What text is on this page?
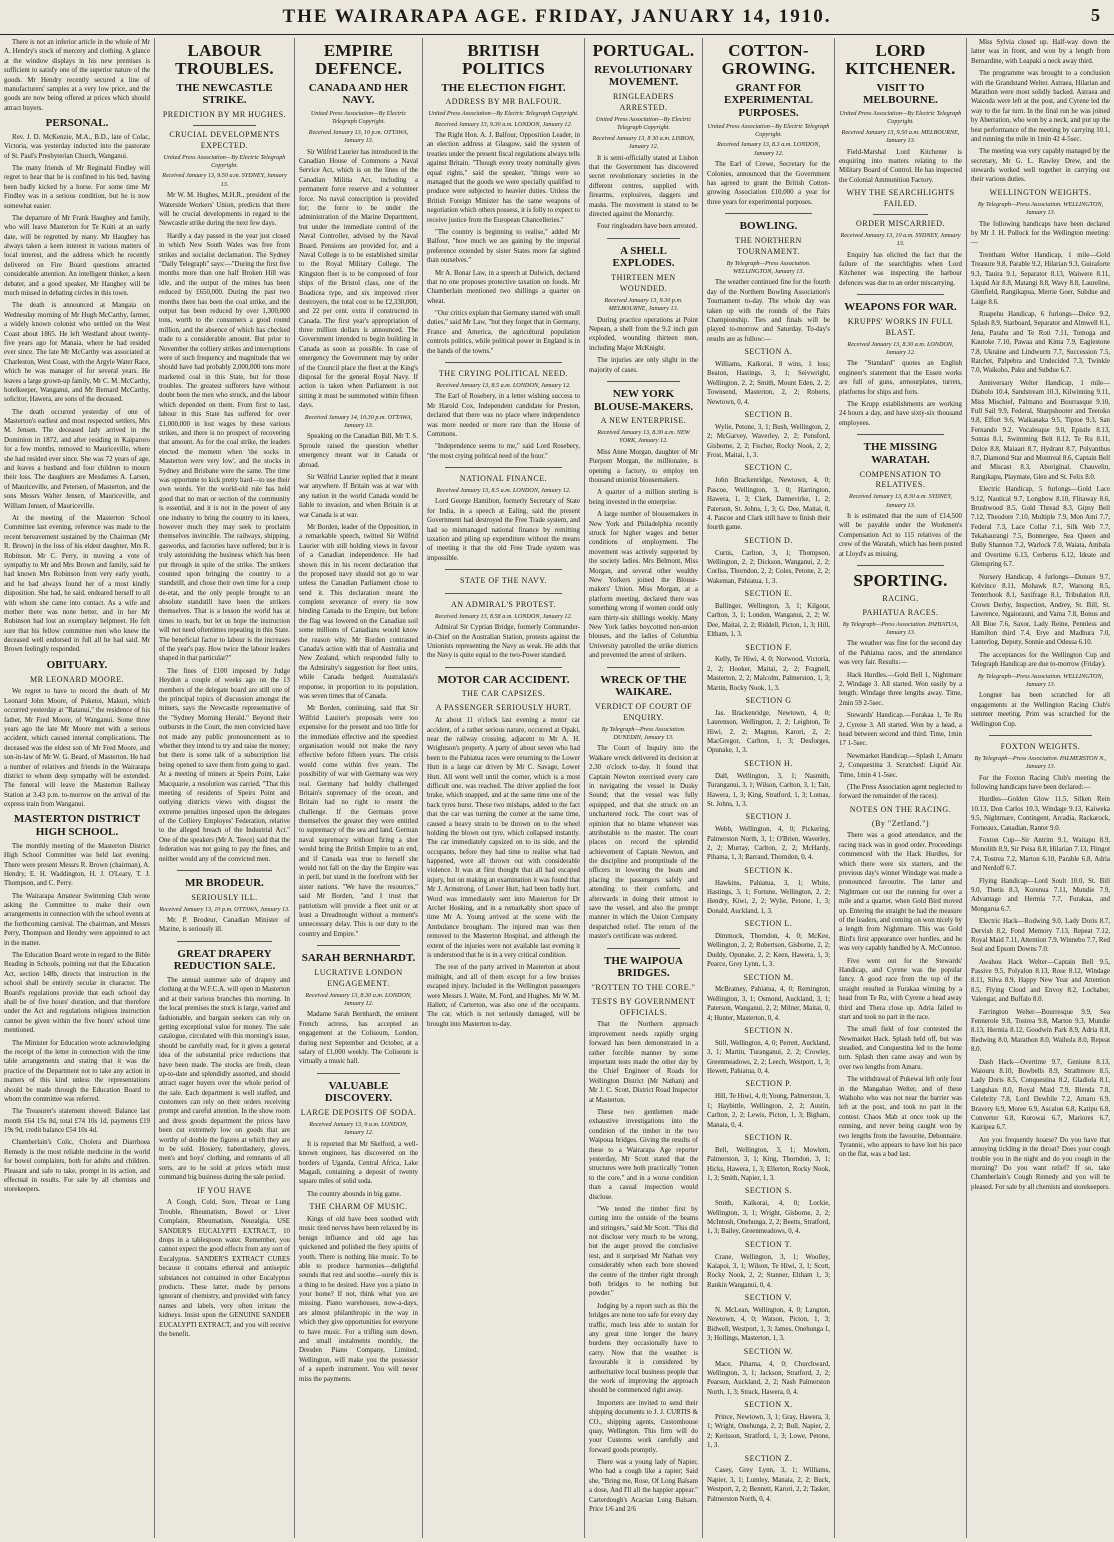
THE WAIRARAPA AGE. FRIDAY, JANUARY 14, 1910.	5

There is not an inferior article in the whole of Mr A. Hendry's stock of mercery and clothing. A glance at the window displays in his new premises is sufficient to satisfy one of the superior nature of the goods. Mr Hendry recently secured a line of manufacturers' samples at a very low price, and the goods are now being offered at prices which should attract buyers.

PERSONAL.

Rev. J. D. McKenzie, M.A., B.D., late of Colac, Victoria, was yesterday inducted into the pastorate of St. Paul's Presbyterian Church, Wanganui.

The many friends of Mr Reginald Findley will regret to hear that he is confined to his bed, having been badly kicked by a horse. For some time Mr Findley was in a serious condition, but he is now somewhat easier.

The departure of Mr Frank Haughey and family, who will leave Masterton for Te Kuiti at an early date, will be regretted by many. Mr Haughey has always taken a keen interest in various matters of local interest, and the address which he recently delivered on Fire Board questions attracted considerable attention. An intelligent thinker, a keen debater, and a good speaker, Mr Haughey will be much missed in debating circles in this town.

The death is announced at Mangaia on Wednesday morning of Mr Hugh McCarthy, farmer, a widely known colonist who settled on the West Coast about 1865. He left Westland about twenty-five years ago for Manaia, where he had resided ever since. The late Mr McCarthy was associated at Charleston, West Coast, with the Argyle Water Race, which he was manager of for several years. He leaves a large grown-up family, Mr C. M. McCarthy, hotelkeeper, Wanganui, and Mr Bernard McCarthy, solicitor, Hawera, are sons of the deceased.

The death occurred yesterday of one of Masterton's earliest and most respected settlers, Mrs M. Jensen. The deceased lady arrived in the Dominion in 1872, and after residing in Kaiparoro for a few months, removed to Mauriceville, where she had resided ever since. She was 72 years of age, and leaves a husband and four children to mourn their loss. The daughters are Mesdames A. Larsen, of Mauriceville, and Petersen, of Masterton, and the sons Messrs Walter Jensen, of Mauriceville, and William Jensen, of Mauriceville.

At the meeting of the Masterton School Committee last evening, reference was made to the recent bereavement sustained by the Chairman (Mr R. Brown) in the loss of his eldest daughter, Mrs R. Robinson. Mr C. Perry, in moving a vote of sympathy to Mr and Mrs Brown and family, said he had known Mrs Robinson from very early youth, and he had always found her of a most kindly disposition. She had, he said, endeared herself to all with whom she came into contact. As a wife and mother there was none better, and in her Mr Robinson had lost an exemplary helpmeet. He felt sure that his fellow committee men who knew the deceased well endorsed in full all he had said. Mr Brown feelingly responded.

OBITUARY.
MR LEONARD MOORE.

We regret to have to record the death of Mr Leonard John Moore, of Puketoi, Makuri, which occurred yesterday at "Ratanui," the residence of his father, Mr Fred Moore, of Wanganui. Some three years ago the late Mr Moore met with a serious accident, which caused internal complications. The deceased was the eldest son of Mr Fred Moore, and son-in-law of Mr W. G. Beard, of Masterton. He had a number of relatives and friends in the Wairarapa district to whom deep sympathy will be extended. The funeral will leave the Masterton Railway Station at 3.43 p.m. to-morrow on the arrival of the express train from Wanganui.

MASTERTON DISTRICT HIGH SCHOOL.

The monthly meeting of the Masterton District High School Committee was held last evening. There were present Messrs R. Brown (chairman), A. Hendry, E. H. Waddington, H. J. O'Leary, T. J. Thompson, and C. Perry.

The Wairarapa Amateur Swimming Club wrote asking the Committee to make their own arrangements in connection with the school events at the forthcoming carnival. The chairman, and Messrs Perry, Thompson and Hendry were appointed to act in the matter.

The Education Board wrote in regard to the Bible Reading in Schools, pointing out that the Education Act, section 148b, directs that instruction in the school shall be entirely secular in character. The Board's regulations provide that each school day shall be of five hours' duration, and that therefore under the Act and regulations religious instruction cannot be given within the five hours' school time mentioned.

The Minister for Education wrote acknowledging the receipt of the letter in connection with the time table arrangements and stating that it was the practice of the Department not to take any action in matters of this kind unless the representations should be made through the Education Board to whom the committee was referred.

The Treasurer's statement showed: Balance last month £64 15s 8d, total £74 10s 1d, payments £19 19s 9d, credit balance £54 10s 4d.

Chamberlain's Colic, Cholera and Diarrhoea Remedy is the most reliable medicine in the world for bowel complaints, both for adults and children. Pleasant and safe to take, prompt in its action, and effectual in results. For sale by all chemists and storekeepers.

LABOUR TROUBLES.
THE NEWCASTLE STRIKE.
PREDICTION BY MR HUGHES.
CRUCIAL DEVELOPMENTS EXPECTED.
United Press Association—By Electric Telegraph Copyright.
Received January 13, 9.50 a.m. SYDNEY, January 13.

Mr W. M. Hughes, M.H.R., president of the Waterside Workers' Union, predicts that there will be crucial developments in regard to the Newcastle strike during the next few days.

Hardly a day passed in the year just closed in which New South Wales was free from strikes and socialist declamation. The Sydney "Daily Telegraph" says:—"During the first five months more than one half Broken Hill was idle, and the output of the mines has been reduced by £650,000. During the past two months there has been the coal strike, and the output has been reduced by over 1,300,000 tons, worth to the consumers a good round million, and the absence of which has checked trade to a considerable amount. But prior to November the colliery strikes and interruptions were of such frequency and magnitude that we should have had probably 2,000,000 tons more marketed coal in this State, but for those troubles. The greatest sufferers have without doubt been the men who struck, and the labour which depended on them. From first to last, labour in this State has suffered for over £1,000,000 in lost wages by these various strikes, and there is no prospect of recovering that amount. As for the coal strike, the leaders elected the moment when 'the socks in Masterton were very low', and the stocks in Sydney and Brisbane were the same. The time was opportune to kick pretty hard—to use their own words. Yet the world-old rule has held good that no man or section of the community is essential, and it is not in the power of any one industry to bring the country to its knees, however much they may seek to proclaim themselves invincible. The railways, shipping, gasworks, and factories have suffered; but it is truly astonishing the business which has been put through in spite of the strike. The strikers counted upon bringing the country to a standstill, and chose their own time for a coup de-etat, and the only people brought to an absolute standstill have been the strikers themselves. That is a lesson the world has at times to teach, but let us hope the instruction will not need oftentimes repeating in this State. The beneficial factor to labour is the increases of the year's pay. How twice the labour leaders shaped in that particular?"

The fines of £100 imposed by Judge Heydon a couple of weeks ago on the 13 members of the delegate board are still one of the principal topics of discussion amongst the miners, says the Newcastle representative of the "Sydney Morning Herald." Beyond their outbursts in the Court, the men convicted have not made any public pronouncement as to whether they intend to try and raise the money; but there is some talk of a subscription list being opened to save them from going to gaol. At a meeting of miners at Speirs Point, Lake Macquarie, a resolution was carried, "That this meeting of residents of Speirs Point and outlying districts views with disgust the extreme penalties imposed upon the delegates of the Colliery Employes' Federation, relative to the alleged breach of the Industrial Act." One of the speakers (Mr A. Teece) said that the federation was not going to pay the fines, and neither would any of the convicted men.

MR BRODEUR.
SERIOUSLY ILL.
Received January 13, 10 p.m. OTTAWA, January 13.

Mr. P. Brodeur, Canadian Minister of Marine, is seriously ill.

GREAT DRAPERY REDUCTION SALE.

The annual summer sale of drapery and clothing at the W.F.C.A. will open in Masterton and at their various branches this morning. In the local premises the stock is large, varied and fashionable, and bargain seekers can rely on getting exceptional value for money. The sale catalogue, circulated with this morning's issue, should be carefully read, for it gives a general idea of the substantial price reductions that have been made. The stocks are fresh, clean up-to-date and splendidly assorted, and should attract eager buyers over the whole period of the sale. Each department is well staffed, and customers can rely on their orders receiving prompt and careful attention. In the show room and dress goods department the prices have been cut extremely low on goods that are worthy of double the figures at which they are to be sold. Hosiery, haberdashery, gloves, men's and boys' clothing, and remnants of all sorts, are to be sold at prices which must command big business during the sale period.

IF YOU HAVE

A Cough, Cold, Sore, Throat or Lung Trouble, Rheumatism, Bowel or Liver Complaint, Rheumatism, Neuralgia, USE SANDER'S EUCALYPTI EXTRACT, 10 drops in a tablespoon water. Remember, you cannot expect the good effects from any sort of Eucalyptus. SANDER'S EXTRACT CURES because it contains ethereal and antiseptic substances not contained in other Eucalyptus products. These latter, made by persons ignorant of chemistry, and provided with fancy names and labels, very often irritate the kidneys. Insist upon the GENUINE SANDER EUCALYPTI EXTRACT, and you will receive the benefit.

EMPIRE DEFENCE.
CANADA AND HER NAVY.
United Press Association—By Electric Telegraph Copyright.
Received January 13, 10 p.m. OTTAWA, January 13.

Sir Wilfrid Laurier has introduced in the Canadian House of Commons a Naval Service Act, which is on the lines of the Canadian Militia Act, including a permanent force reserve and a volunteer force. No naval conscription is provided for; the force to be under the administration of the Marine Department, but under the immediate control of the Naval Controller, advised by the Naval Board. Pensions are provided for, and a Naval College is to be established similar to the Royal Military College. The Kingston fleet is to be composed of four ships of the Bristol class, one of the Boadicea type, and six improved river destroyers, the total cost to be £2,330,000, and 22 per cent. extra if constructed in Canada. The first year's appropriation of three million dollars is announced. The Government intended to begin building in Canada as soon as possible. In case of emergency the Government may by order of the Council place the fleet at the King's disposal for the general Royal Navy. If action is taken when Parliament is not sitting it must be summoned within fifteen days.

Received January 14, 10.30 p.m. OTTAWA, January 13.

Speaking on the Canadian Bill, Mr T. S. Sproule raised the question whether emergency meant war in Canada or abroad.

Sir Wilfrid Laurier replied that it meant war anywhere. If Britain was at war with any nation in the world Canada would be liable to invasion, and when Britain is at war Canada is at war.

Mr Borden, leader of the Opposition, in a remarkable speech, twitted Sir Wilfrid Laurier with still holding views in favour of a Canadian independence. He had shown this in his recent declaration that the proposed navy should not go to war unless the Canadian Parliament chose to send it. This declaration meant the complete severance of every tie now binding Canada to the Empire, but before the flag was lowered on the Canadian soil some millions of Canadians would know the reason why. Mr Borden contrasted Canada's action with that of Australia and New Zealand, which responded fully to the Admiralty's suggestion for fleet units, while Canada hedged. Australasia's response, in proportion to its population, was seven times that of Canada.

Mr Borden, continuing, said that Sir Wilfrid Laurier's proposals were too expensive for the present and too little for the immediate effective and the speediest organisation would not make the navy effective before fifteen years. The crisis would come within five years. The possibility of war with Germany was very real. Germany had boldly challenged Britain's supremacy of the ocean, and Britain had no right to resent the challenge. If the Germans prove themselves the greater they were entitled to supremacy of the sea and land. German naval supremacy without firing a shot would bring the British Empire to an end, and if Canada was true to herself she would not fall on the day the Empire was in peril, but stand in the forefront with her sister nations. "We have the resources," said Mr Borden, "and I trust that patriotism will provide a fleet unit or at least a Dreadnought without a moment's unnecessary delay. This is our duty to the country and Empire."

SARAH BERNHARDT.
LUCRATIVE LONDON ENGAGEMENT.
Received January 13, 8.30 a.m. LONDON, January 12.

Madame Sarah Bernhardt, the eminent French actress, has accepted an engagement at the Coliseum, London, during next September and October, at a salary of £1,000 weekly. The Coliseum is virtually a music hall.

VALUABLE DISCOVERY.
LARGE DEPOSITS OF SODA.
Received January 13, 9 a.m. LONDON, January 12.

It is reported that Mr Skelford, a well-known engineer, has discovered on the borders of Uganda, Central Africa, Lake Magadi, containing a deposit of twenty square miles of solid soda.

The country abounds in big game.

THE CHARM OF MUSIC.

Kings of old have been soothed with music tired nerves have been relaxed by its benign influence and old age has quickened and polished the fiery spirits of youth. There is nothing like music. To be able to produce harmonies—delightful sounds that rest and soothe—surely this is a thing to be desired. Have you a piano in your home? If not, think what you are missing. Piano warehouses, now-a-days, are almost philanthropic in the way in which they give opportunities for everyone to have music. For a trifling sum down, and small instalments monthly, the Dresden Piano Company, Limited, Wellington, will make you the possessor of a superb instrument. You will never miss the payments.

BRITISH POLITICS
THE ELECTION FIGHT.
ADDRESS BY MR BALFOUR.
United Press Association—By Electric Telegraph Copyright.
Received January 13, 9.30 a.m. LONDON, January 12.

The Right Hon. A. J. Balfour, Opposition Leader, in an election address at Glasgow, said the system of treaties under the present fiscal regulations always tells against Britain. "Though every treaty nominally gives equal rights," said the speaker, "things were so managed that the goods we were specially qualified to produce were subjected to heavier duties. Unless the British Foreign Minister has the same weapons of negotiation which others possess, it is folly to expect to receive justice from the European Chancelleries."

"The country is beginning to realise," added Mr Balfour, "how much we are gaining by the imperial preference extended by sister States more far sighted than ourselves."

Mr A. Bonar Law, in a speech at Dulwich, declared that no one proposes protective taxation on foods. Mr Chamberlain mentioned two shillings a quarter on wheat.

"Our critics explain that Germany started with small duties," said Mr Law, "but they forget that in Germany, France and America, the agricultural population controls politics, while political power in England is in the hands of the towns."

THE CRYING POLITICAL NEED.
Received January 13, 8.5 a.m. LONDON, January 12.

The Earl of Rosebery, in a letter wishing success to Mr Harold Cox, Independent candidate for Preston, declared that there was no place where independence was more needed or more rare than the House of Commons.

"Independence seems to me," said Lord Rosebery, "the most crying political need of the hour."

NATIONAL FINANCE.
Received January 13, 8.5 a.m. LONDON, January 12.

Lord George Hamilton, formerly Secretary of State for India, in a speech at Ealing, said the present Government had destroyed the Free Trade system, and had so mismanaged national finance by remitting taxation and piling up expenditure without the means of meeting it that the old Free Trade system was impossible.

STATE OF THE NAVY.
AN ADMIRAL'S PROTEST.
Received January 13, 8.58 a.m. LONDON, January 12.

Admiral Sir Cyprian Bridge, formerly Commander-in-Chief on the Australian Station, protests against the Unionists representing the Navy as weak. He adds that the Navy is quite equal to the two-Power standard.

MOTOR CAR ACCIDENT.
THE CAR CAPSIZES.
A PASSENGER SERIOUSLY HURT.

At about 11 o'clock last evening a motor car accident, of a rather serious nature, occurred at Opaki, near the railway crossing, adjacent to Mr A. H. Wrightson's property. A party of about seven who had been to the Pahiatua races were returning to the Lower Hutt in a large car driven by Mr C. Savage, Lower Hutt. All went well until the corner, which is a most difficult one, was reached. The driver applied the foot brake, which snapped, and at the same time one of the back tyres burst. These two mishaps, added to the fact that the car was turning the corner at the same time, caused a heavy strain to be thrown on to the wheel holding the blown out tyre, which collapsed instantly. The car immediately capsized on to its side, and the occupants, before they had time to realise what had happened, were all thrown out with considerable violence. It was at first thought that all had escaped injury, but on making an examination it was found that Mr J. Armstrong, of Lower Hutt, had been badly hurt. Word was immediately sent into Masterton for Dr Archer Hosking, and in a remarkably short space of time Mr A. Young arrived at the scene with the Ambulance brougham. The injured man was then removed to the Masterton Hospital, and although the extent of the injuries were not available last evening it is understood that he is in a very critical condition.

The rest of the party arrived in Masterton at about midnight, and all of them except for a few bruises escaped injury. Included in the Wellington passengers were Messrs J. Waite, M. Ford, and Hughes. Mr W. M. Hallett, of Carterton, was also one of the occupants. The car, which is not seriously damaged, will be brought into Masterton to-day.

PORTUGAL.
REVOLUTIONARY MOVEMENT.
RINGLEADERS ARRESTED.
United Press Association—By Electric Telegraph Copyright.
Received January 13, 8 30 a.m. LISBON, January 12.

It is semi-officially stated at Lisbon that the Government has discovered secret revolutionary societies in the different centres, supplied with firearms, explosives, daggers and masks. The movement is stated to be directed against the Monarchy.

Four ringleaders have been arrested.

A SHELL EXPLODES.
THIRTEEN MEN WOUNDED.
Received January 13, 9.30 p.m. MELBOURNE, January 13.

During practice operations at Point Nepean, a shell from the 9.2 inch gun exploded, wounding thirteen men, including Major McKnight.

The injuries are only slight in the majority of cases.

NEW YORK BLOUSE-MAKERS.
A NEW ENTERPRISE.
Received January 13, 8.30 a.m. NEW YORK, January 12.

Miss Anne Morgan, daughter of Mr Pierpont Morgan, the millionaire, is opening a factory, to employ ten thousand unionist blousemakers.

A quarter of a million sterling is being invested in the enterprise.

A large number of blousemakers in New York and Philadelphia recently struck for higher wages and better conditions of employment. The movement was actively supported by the society ladies. Mrs Belmont, Miss Morgan, and several other wealthy New Yorkers joined the Blouse-makers' Union. Miss Morgan, at a platform meeting, declared there was something wrong if women could only earn thirty-six shillings weekly. Many New York ladies boycotted non-union blouses, and the ladies of Columbia University patrolled the strike districts and prevented the arrest of strikers.

WRECK OF THE WAIKARE.
VERDICT OF COURT OF ENQUIRY.
By Telegraph—Press Association. DUNEDIN, January 13.

The Court of Inquiry into the Waikare wreck delivered its decision at 2.30 o'clock to-day. It found that Captain Newton exercised every care in navigating the vessel in Dusky Sound; that the vessel was fully equipped, and that she struck on an unchartered rock. The court was of opinion that no blame whatever was attributable to the master. The court places on record the splendid achievement of Captain Newton, and the discipline and promptitude of the officers in lowering the boats and placing the passengers safely and attending to their comforts, and afterwards in doing their utmost to save the vessel, and also the prompt manner in which the Union Company despatched relief. The return of the master's certificate was ordered.

THE WAIPOUA BRIDGES.
"ROTTEN TO THE CORE."
TESTS BY GOVERNMENT OFFICIALS.

That the Northern approach improvement needs rapidly urging forward has been demonstrated in a rather forcible manner by some important tests made the other day by the Chief Engineer of Roads for Wellington District (Mr Nathan) and Mr J. C. Scott, District Road Inspector at Masterton.

These two gentlemen made exhaustive investigations into the condition of the timber in the two Waipoua bridges. Giving the results of these to a Wairarapa Age reporter yesterday, Mr Scott stated that the structures were both practically "rotten to the core," and in a worse condition than a casual inspection would disclose.

"We tested the timber first by cutting into the outside of the beams and stringers," said Mr Scott. "This did not disclose very much to be wrong, but the auger proved the conclusive test, and it surprised Mr Nathan very considerably when each bore showed the centre of the timber right through both bridges to be nothing but powder."

Judging by a report such as this the bridges are none too safe for every day traffic, much less able to sustain for any great time longer the heavy burdens they occasionally have to carry. Now that the weather is favourable it is considered by authoritative local business people that the work of improving the approach should be commenced right away.

Importers are invited to send their shipping documents to J. J. CURTIS & CO., shipping agents, Customhouse quay, Wellington. This firm will do your Customs work carefully and forward goods promptly.

There was a young lady of Napier, Who had a cough like a rapier; Said she, "Bring me, Rose, Of Long Balsam a dose, And I'll all the happier appear." Carterdough's Acacian Lung Balsam. Price 1/6 and 2/6

COTTON-GROWING.
GRANT FOR EXPERIMENTAL PURPOSES.
United Press Association—By Electric Telegraph Copyright.
Received January 13, 8.3 a.m. LONDON, January 12.

The Earl of Crewe, Secretary for the Colonies, announced that the Government has agreed to grant the British Cotton-growing Association £10,000 a year for three years for experimental purposes.

BOWLING.
THE NORTHERN TOURNAMENT.
By Telegraph—Press Association. WELLINGTON, January 13.

The weather continued fine for the fourth day of the Northern Bowling Association's Tournament to-day. The whole day was taken up with the rounds of the Pairs Championship. Ties and finals will be played to-morrow and Saturday. To-day's results are as follow:—

SECTION A.

Williams, Kaikorai, 8 wins, 1 loss; Beaton, Hastings, 3, 1; Seivwright, Wellington, 2, 2; Smith, Mount Eden, 2, 2; Townsend, Masterton, 2, 2; Roberts, Newtown, 0, 4.

SECTION B.

Wylie, Petone, 3, 1; Bush, Wellington, 2, 2; McGarvey, Waverley, 2, 2; Ponsford, Gisborne, 2, 2; Fischer, Rocky Nook, 2, 2; Frost, Maitai, 1, 3.

SECTION C.

John Brackenridge, Newtown, 4, 0; Pascoe, Wellington, 3, 0; Harrington, Hawera, 1, 3; Clark, Dannevirke, 1, 2; Paterson, St. Johns, 1, 3; G. Dee, Maitai, 0, 4. Pascoe and Clark still have to finish their fourth game.

SECTION D.

Curtis, Carlton, 3, 1; Thompson, Wellington, 2, 2; Dickson, Wanganui, 2, 2; Corliss, Thorndon, 2, 2; Coles, Petone, 2, 2; Wakeman, Pahiatua, 1, 3.

SECTION E.

Ballinger, Wellington, 3, 1; Kilgour, Carlton, 3, 1; London, Wanganui, 2, 2; W. Dee, Maitai, 2, 2; Riddell, Picton, 1, 3; Hill, Eltham, 1, 3.

SECTION F.

Kelly, Te Hiwi, 4, 0; Norwood, Victoria, 2, 2; Hooker, Maitai, 2, 2; Fragnell, Masterton, 2, 2; Malcolm, Palmerston, 1, 3; Martin, Rocky Nook, 1, 3.

SECTION G

Jas. Brackenridge, Newtown, 4, 0; Laurenson, Wellington, 2, 2; Leighton, Te Hiwi, 2, 2; Magnus, Karori, 2, 2; MacGregor, Carlton, 1, 3; Desforges, Opunake, 1, 3.

SECTION H.

Dall, Wellington, 3, 1; Nasmith, Turanganui, 3, 1; Wilson, Carlton, 3, 1; Tait, Hawera, 1, 3; King, Stratford, 1, 3; Lomas, St. Johns, 1, 3.

SECTION J.

Webb, Wellington, 4, 0; Pickering, Palmerston North, 3, 1; O'Brien, Waverley, 2, 2; Murray, Carlton, 2, 2; McHardy, Pihama, 1, 3; Barraud, Thorndon, 0, 4.

SECTION K.

Hawkins, Pahiatua, 3, 1; White, Hastings, 3, 1; Fortune, Wellington, 2, 2; Hendry, Kiwi, 2, 2; Wylie, Petone, 1, 3; Donald, Auckland, 1, 3.

SECTION L.

Dimmock, Thorndon, 4, 0; McKee, Wellington, 2, 2; Robertson, Gisborne, 2, 2; Duddy, Opunake, 2, 2; Keen, Hawera, 1, 3; Pearce, Grey Lynn, 1, 3.

SECTION M.

McBratney, Pahiatua, 4, 0; Remington, Wellington, 3, 1; Osmond, Auckland, 3, 1; Paterson, Wanganui, 2, 2; Milner, Maitai, 0, 4; Hunter, Masterton, 0, 4.

SECTION N.

Still, Wellington, 4, 0; Perrett, Auckland, 3, 1; Martin, Turanganui, 2, 2; Crowley, Greenmeadows, 2, 2; Leech, Westport, 1, 3; Hewett, Pahiatua, 0, 4.

SECTION P.

Hill, Te Hiwi, 4, 0; Young, Palmerston, 3, 1; Haybittle, Wellington, 2, 2; Austin, Carlton, 2, 2; Lewis, Picton, 1, 3; Bigham, Manaia, 0, 4.

SECTION R.

Bell, Wellington, 3, 1; Mowlem, Palmerston, 3, 1; King, Thorndon, 3, 1; Hicks, Hawera, 1, 3; Ellerton, Rocky Nook, 1, 3; Smith, Napier, 1, 3.

SECTION S.

Smith, Kaikorai, 4, 0; Lockie, Wellington, 3, 1; Wright, Gisborne, 2, 2; McIntosh, Onehunga, 2, 2; Beetts, Stratford, 1, 3; Bailey, Greenmeadows, 0, 4.

SECTION T.

Crane, Wellington, 3, 1; Woolley, Kaiapoi, 3, 1; Wilson, Te Hiwi, 3, 1; Scott, Rocky Nook, 2, 2; Stanner, Eltham 1, 3; Rankin Wanganui, 0, 4.

SECTION V.

N. McLean, Wellington, 4, 0; Langton, Newtown, 4, 0; Watson, Picton, 1, 3; Bidwell, Westport, 1, 3; James, Onehunga 1, 3; Hollings, Masterton, 1, 3.

SECTION W.

Mace, Pihama, 4, 0; Churchward, Wellington, 3, 1; Jackson, Stratford, 2, 2; Pearson, Auckland, 2, 2; Nash Palmerston North, 1, 3; Strack, Hawera, 0, 4.

SECTION X.

Prince, Newtown, 3, 1; Gray, Hawera, 3, 1; Wright, Onehunga, 2, 2; Bull, Napier, 2, 2; Kerisson, Stratford, 1, 3; Lowe, Petone, 1, 3.

SECTION Z.

Casey, Grey Lynn, 3, 1; Williams, Napier, 3, 1; Lumley, Manaia, 2, 2; Buck, Westport, 2, 2; Bennett, Karori, 2, 2; Tasker, Palmerston North, 0, 4.

LORD KITCHENER.
VISIT TO MELBOURNE.
United Press Association—By Electric Telegraph Copyright.
Received January 13, 9.50 a.m. MELBOURNE, January 13.

Field-Marshal Lord Kitchener is enquiring into matters relating to the Military Board of Control. He has inspected the Colonial Ammunition Factory.

WHY THE SEARCHLIGHTS FAILED.
ORDER MISCARRIED.
Received January 13, 10 a.m. SYDNEY, January 13.

Enquiry has elicited the fact that the failure of the searchlights when Lord Kitchener was inspecting the harbour defences was due to an order miscarrying.

WEAPONS FOR WAR.
KRUPPS' WORKS IN FULL BLAST.
Received January 13, 8.30 a.m. LONDON, January 12.

The "Standard" quotes an English engineer's statement that the Essen works are full of guns, armourplates, turrets, platforms for ships and forts.

The Krupp establishments are working 24 hours a day, and have sixty-six thousand employees.

THE MISSING WARATAH.
COMPENSATION TO RELATIVES.
Received January 13, 8.30 a.m. SYDNEY, January 13.

It is estimated that the sum of £14,500 will be payable under the Workmen's Compensation Act to 115 relatives of the crew of the Waratah, which has been posted at Lloyd's as missing.

SPORTING.
RACING.
PAHIATUA RACES.
By Telegraph—Press Association. PAHIATUA, January 13.

The weather was fine for the second day of the Pahiatua races, and the attendance was very fair. Results:—

Hack Hurdles.—Gold Bell 1, Nightmare 2, Windage 3. All started. Won easily by a length. Windage three lengths away. Time, 2min 59 2-5sec.

Stewards' Handicap.—Furakaa 1, Te Ru 2, Cyrene 3. All started. Won by a head, a head between second and third. Time, 1min 17 1-5sec.

Newmarket Handicap.—Splash 1, Amaru 2, Conquestina 3. Scratched: Liquid Air. Time, 1min 4 1-5sec.

(The Press Association agent neglected to forward the remainder of the races).

NOTES ON THE RACING.
(By "Zetland.")

There was a good attendance, and the racing track was in good order. Proceedings commenced with the Hack Hurdles, for which there were six starters, and the previous day's winner Windage was made a pronounced favourite. The latter and Nightmare cut out the running for over a mile and a quarter, when Gold Bird moved up. Entering the straight he had the measure of the leaders, and coming on won nicely by a length from Nightmare. This was Gold Bird's first appearance over hurdles, and he was very capably handled by A. McConnoo.

Five went out for the Stewards' Handicap, and Cyrene was the popular fancy. A good race from the top of the straight resulted in Furakaa winning by a head from Te Ru, with Cyrene a head away third and Thera close up. Adria failed to start and took no part in the race.

The small field of four contested the Newmarket Hack. Splash held off, but was steadied, and Conquestina led to the home turn. Splash then came away and won by over two lengths from Amaru.

The withdrawal of Pukewai left only four in the Mangahao Welter, and of these Waihoho who was not near the barrier was left at the post, and took no part in the contest. Chaos Mab at once took up the running, and never being caught won by two lengths from the favourite, Debonnaire. Tyrannic, who appears to have lost his pace on the flat, was a bad last.

Miss Sylvia closed up. Half-way down the latter was in front, and won by a length from Bernardine, with Leapaki a neck away third.

The programme was brought to a conclusion with the Grandstand Welter. Astraea, Hilarian and Marathon were most solidly backed. Astraea and Waicoda were left at the post, and Cyrene led the way to the far turn. In the final run he was joined by Aberration, who won by a neck, and put up the best performance of the meeting by carrying 10.1, and running the mile in 1min 42 4-5sec.

The meeting was very capably managed by the secretary, Mr G. L. Rawley Drew, and the stewards worked well together in carrying out their various duties.

WELLINGTON WEIGHTS.
By Telegraph—Press Association. WELLINGTON, January 13.

The following handicaps have been declared by Mr J. H. Pollock for the Wellington meeting:—

Trentham Welter Handicap, 1 mile—Gold Treasure 9.8, Parable 9.2, Hilarian 9.3, Guiraforte 9.3, Tauira 9.1, Separator 8.13, Waiwere 8.11, Liquid Air 8.8, Matangi 8.8, Wavy 8.8, Laureline, Glenfield, Rangikapua, Merrie Goer, Subdue and Laige 8.6.

Ruapehu Handicap, 6 furlongs—Dolce 9.2, Splash 8.9, Starboard, Separator and Almwell 8.1, Jena, Parahu and Te Roti 7.11, Tomoga and Kautoke 7.10, Pawaa and Kinta 7.9, Eaglestone 7.8, Ukraine and Lindwurm 7.7, Succession 7.5, Ratchet, Palpebra and Undecided 7.3, Twinkle 7.0, Waikoho, Paku and Subdue 6.7.

Anniversary Welter Handicap, 1 mile—Diabolo 10.4, Sandstream 10.3, Kilwinning 9.11, Miss Mischief, Palmano and Bourrasque 9.10, Full Sail 9.9, Federal, Sharpshooter and Teetoko 9.8, Effort 9.6, Waikanaka 9.5, Tiptoe 9.3, San Fernando 9.2, Vocalesque 9.0, Epistle 8.13, Sontas 8.1, Swimming Belt 8.12, Te Ru 8.11, Dolce 8.8, Maiaari 8.7, Hydrant 8.7, Polyanthus 8.7, Diamond Star and Montreal 8.6, Captain Bell and Miscast 8.3, Aboriginal, Chauvelin, Rangikapu, Playmate, Glen and St. Felix 8.0.

Electric Handicap, 5 furlongs—Gold Lace 9.12, Nautical 9.7, Longbow 8.10, Flitaway 8.6, Brushwood 8.5, Gold Thread 8.3, Gipsy Bell 7.12, Theodore 7.10, Multiple 7.9, Mon Ami 7.7, Federal 7.3, Lace Collar 7.1, Silk Web 7.7, Tekahaurangi 7.5, Bonnergee, Sea Queen and Bully Shannon 7.2, Warlock 7.0, Waiata, Ambala and Overtime 6.13, Cerberus 6.12, Ideate and Glenspring 6.7.

Nursery Handicap, 4 furlongs—Dunure 9.7, Kelvince 8.11, Mohawk 8.7, Warsong 8.5, Tenterhook 8.1, Saxifrage 8.1, Tribulation 8.0, Crown Derby, Inspection, Andrey, St. Bill, St. Lawrence, Ngaiorauni, and Varna 7.8, Bonus and All Blue 7.6, Saxor, Lady Reine, Pennless and Hamilton third 7.4, Erye and Madhura 7.0, Lanterlog, Deputy, Sonnie and Odessa 6.10.

The acceptances for the Wellington Cup and Telegraph Handicap are due to-morrow (Friday).

By Telegraph—Press Association. WELLINGTON, January 13.

Longner has been scratched for all engagements at the Wellington Racing Club's summer meeting. Prim was scratched for the Wellington Cup.

FOXTON WEIGHTS.
By Telegraph—Press Association. PALMERSTON N., January 13.

For the Foxton Racing Club's meeting the following handicaps have been declared:—

Hurdles—Golden Glow 11.5, Silken Rein 10.13, Don Carlos 10.3, Windage 9.13, Kaiweka 9.5, Nightmare, Contingent, Arcadia, Rackarock, Forneaux, Canadian, Ranter 9.0.

Foxton Cup—Sir Antrim 9.1, Waitapu 8.9, Monolith 8.9, Sir Peisa 8.8, Hilarian 7.13, Flingot 7.4, Tostrea 7.2, Marton 6.10, Parable 6.8, Adria and Nerdoff 6.7.

Flying Handicap—Lord Soult 10.0, St. Bill 9.0, Thetis 8.3, Korenua 7.11, Mundie 7.9, Advantage and Hermia 7.7, Furakaa, and Mongaroa 6.7.

Electric Hack—Rodwing 9.0, Lady Doris 8.7, Dervish 8.2, Fond Memory 7.13, Repeat 7.12, Royal Maid 7.11, Attention 7.9, Winnebo 7.7, Red Seal and Epsom Downs 7.0.

Awahou Hack Welter—Captain Bell 9.5, Passive 9.5, Polyalon 8.13, Rose 8.12, Windage 8.11, Silva 8.9, Happy New Year and Attention 8.5, Flying Cloud and Envoy 8.2, Lochaber, Valengar, and Buffalo 8.0.

Farrington Welter—Bourresque 9.9, Sea Fennerole 9.8, Tostrea 9.8, Marton 9.3, Mundie 8.13, Hermia 8.12, Goodwin Park 8.9, Adria 8.8, Redwing 8.0, Marathon 8.0, Waihola 8.0, Repeat 8.0.

Dash Hack—Overtime 9.7, Geniune 8.13, Waiouru 8.10, Bowbells 8.9, Strathmore 8.5, Lady Doris 8.5, Conquestina 8.2, Gladiola 8.1, Langshan 8.0, Royal Maid 7.9, Blenda 7.8, Celebrity 7.8, Lord Dewhile 7.2, Amaru 6.9, Bravery 6.9, Moree 6.9, Ascalon 6.8, Katipu 6.8, Converter 6.8, Korowai 6.7, Mariores 6.7, Kairipea 6.7.

Are you frequently hoarse? Do you have that annoying tickling in the throat? Does your cough trouble you in the night and do you cough in the morning? Do you want relief? If so, take Chamberlain's Cough Remedy and you will be pleased. For sale by all chemists and storekeepers.
